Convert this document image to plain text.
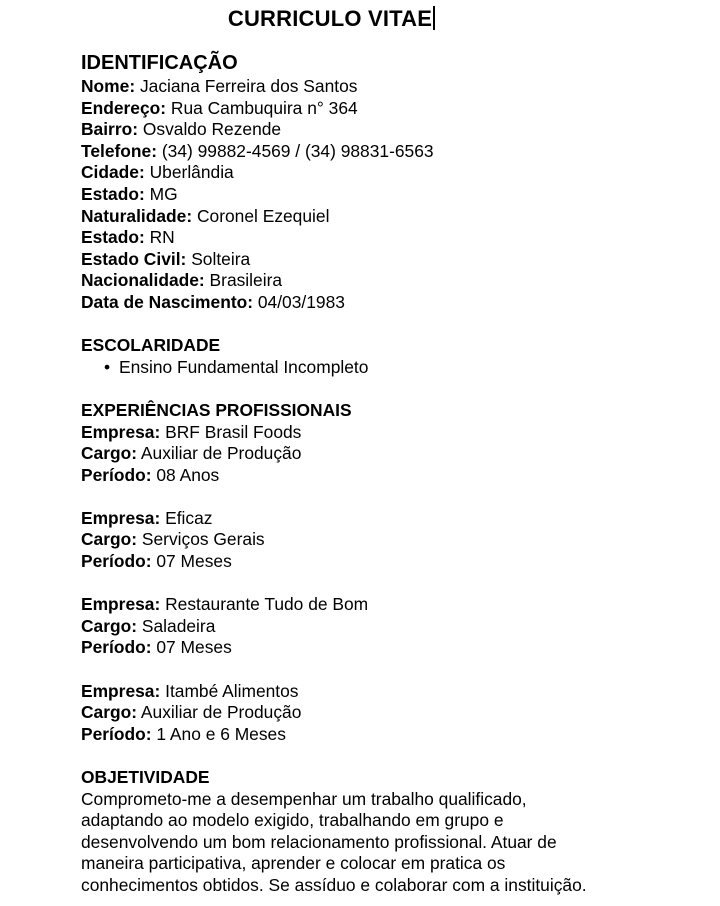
CURRICULO VITAE
IDENTIFICAÇÃO

Nome: Jaciana Ferreira dos Santos

Endereço: Rua Cambuquira n° 364

Bairro: Osvaldo Rezende

Telefone: (34) 99882-4569 / (34) 98831-6563

Cidade: Uberlândia

Estado: MG

Naturalidade: Coronel Ezequiel

Estado: RN

Estado Civil: Solteira

Nacionalidade: Brasileira

Data de Nascimento: 04/03/1983

ESCOLARIDADE

• Ensino Fundamental Incompleto

EXPERIÊNCIAS PROFISSIONAIS

Empresa: BRF Brasil Foods

Cargo: Auxiliar de Produção

Período: 08 Anos

Empresa: Eficaz

Cargo: Serviços Gerais

Período: 07 Meses

Empresa: Restaurante Tudo de Bom

Cargo: Saladeira

Período: 07 Meses

Empresa: Itambé Alimentos

Cargo: Auxiliar de Produção

Período: 1 Ano e 6 Meses

OBJETIVIDADE

Comprometo-me a desempenhar um trabalho qualificado,

adaptando ao modelo exigido, trabalhando em grupo e

desenvolvendo um bom relacionamento profissional. Atuar de

maneira participativa, aprender e colocar em pratica os

conhecimentos obtidos. Se assíduo e colaborar com a instituição.
